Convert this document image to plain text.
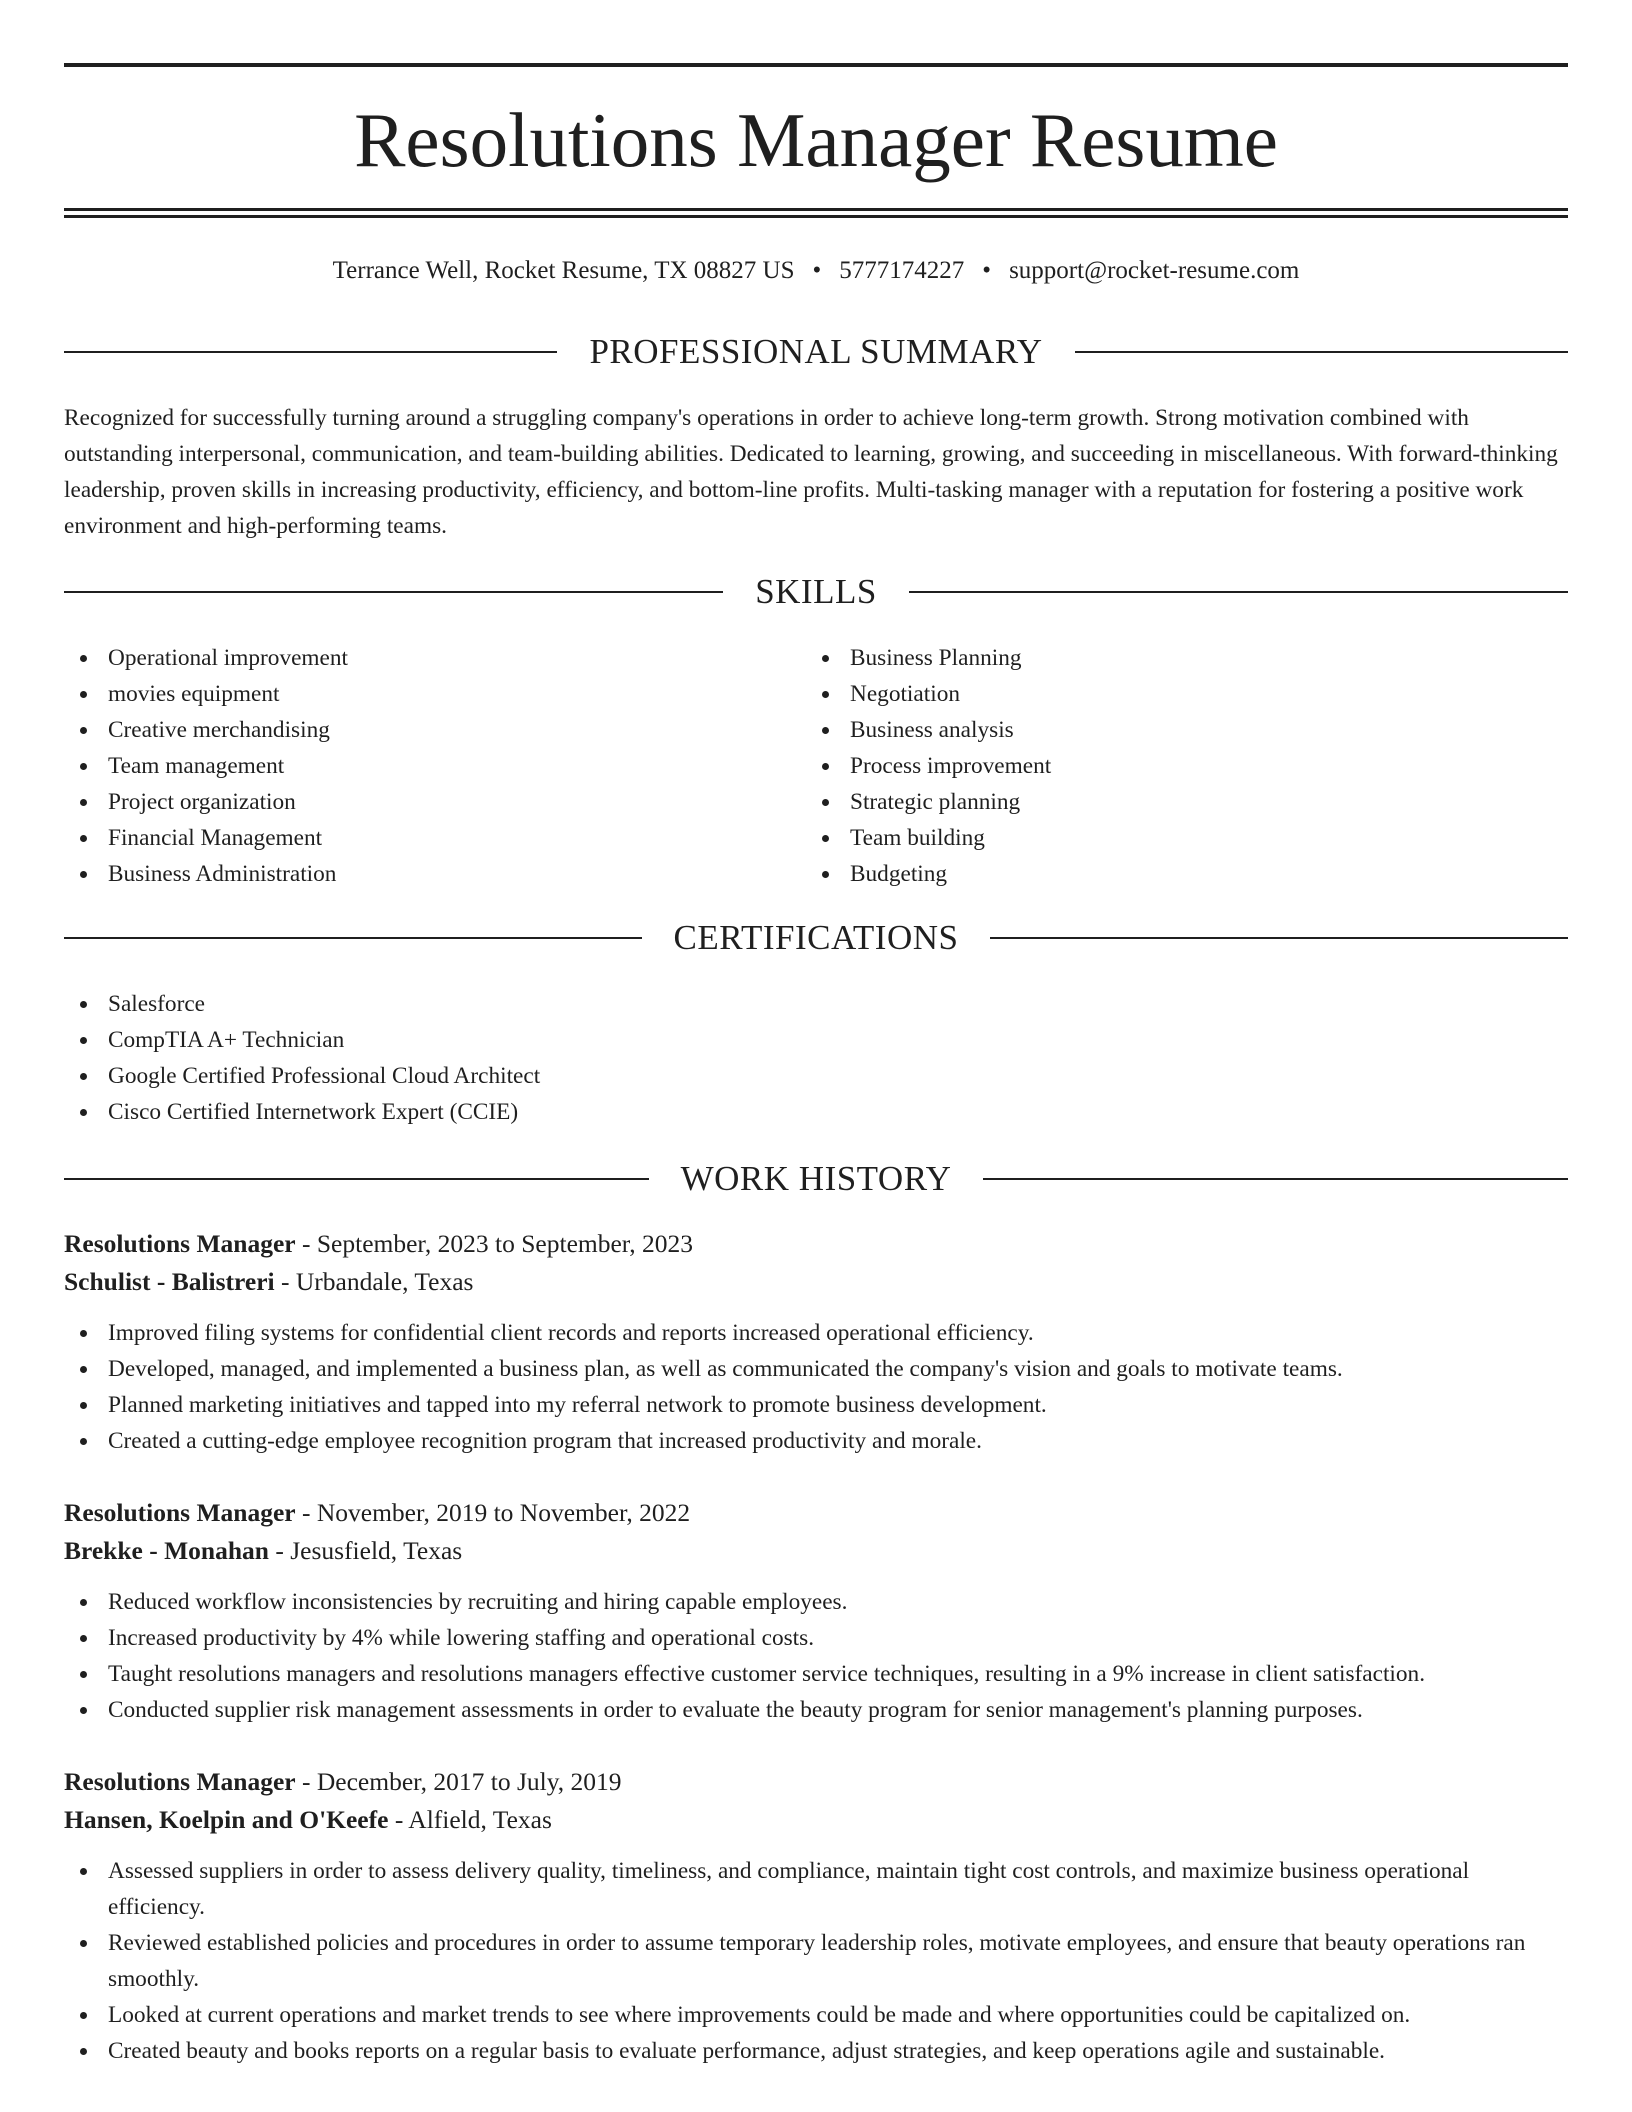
Resolutions Manager Resume
Terrance Well, Rocket Resume, TX 08827 US • 5777174227 • support@rocket-resume.com
PROFESSIONAL SUMMARY

Recognized for successfully turning around a struggling company's operations in order to achieve long-term growth. Strong motivation combined with outstanding interpersonal, communication, and team-building abilities. Dedicated to learning, growing, and succeeding in miscellaneous. With forward-thinking leadership, proven skills in increasing productivity, efficiency, and bottom-line profits. Multi-tasking manager with a reputation for fostering a positive work environment and high-performing teams.

SKILLS
Operational improvement
movies equipment
Creative merchandising
Team management
Project organization
Financial Management
Business Administration
Business Planning
Negotiation
Business analysis
Process improvement
Strategic planning
Team building
Budgeting
CERTIFICATIONS
Salesforce
CompTIA A+ Technician
Google Certified Professional Cloud Architect
Cisco Certified Internetwork Expert (CCIE)
WORK HISTORY
Resolutions Manager - September, 2023 to September, 2023
Schulist - Balistreri - Urbandale, Texas
Improved filing systems for confidential client records and reports increased operational efficiency.
Developed, managed, and implemented a business plan, as well as communicated the company's vision and goals to motivate teams.
Planned marketing initiatives and tapped into my referral network to promote business development.
Created a cutting-edge employee recognition program that increased productivity and morale.
Resolutions Manager - November, 2019 to November, 2022
Brekke - Monahan - Jesusfield, Texas
Reduced workflow inconsistencies by recruiting and hiring capable employees.
Increased productivity by 4% while lowering staffing and operational costs.
Taught resolutions managers and resolutions managers effective customer service techniques, resulting in a 9% increase in client satisfaction.
Conducted supplier risk management assessments in order to evaluate the beauty program for senior management's planning purposes.
Resolutions Manager - December, 2017 to July, 2019
Hansen, Koelpin and O'Keefe - Alfield, Texas
Assessed suppliers in order to assess delivery quality, timeliness, and compliance, maintain tight cost controls, and maximize business operational efficiency.
Reviewed established policies and procedures in order to assume temporary leadership roles, motivate employees, and ensure that beauty operations ran smoothly.
Looked at current operations and market trends to see where improvements could be made and where opportunities could be capitalized on.
Created beauty and books reports on a regular basis to evaluate performance, adjust strategies, and keep operations agile and sustainable.
